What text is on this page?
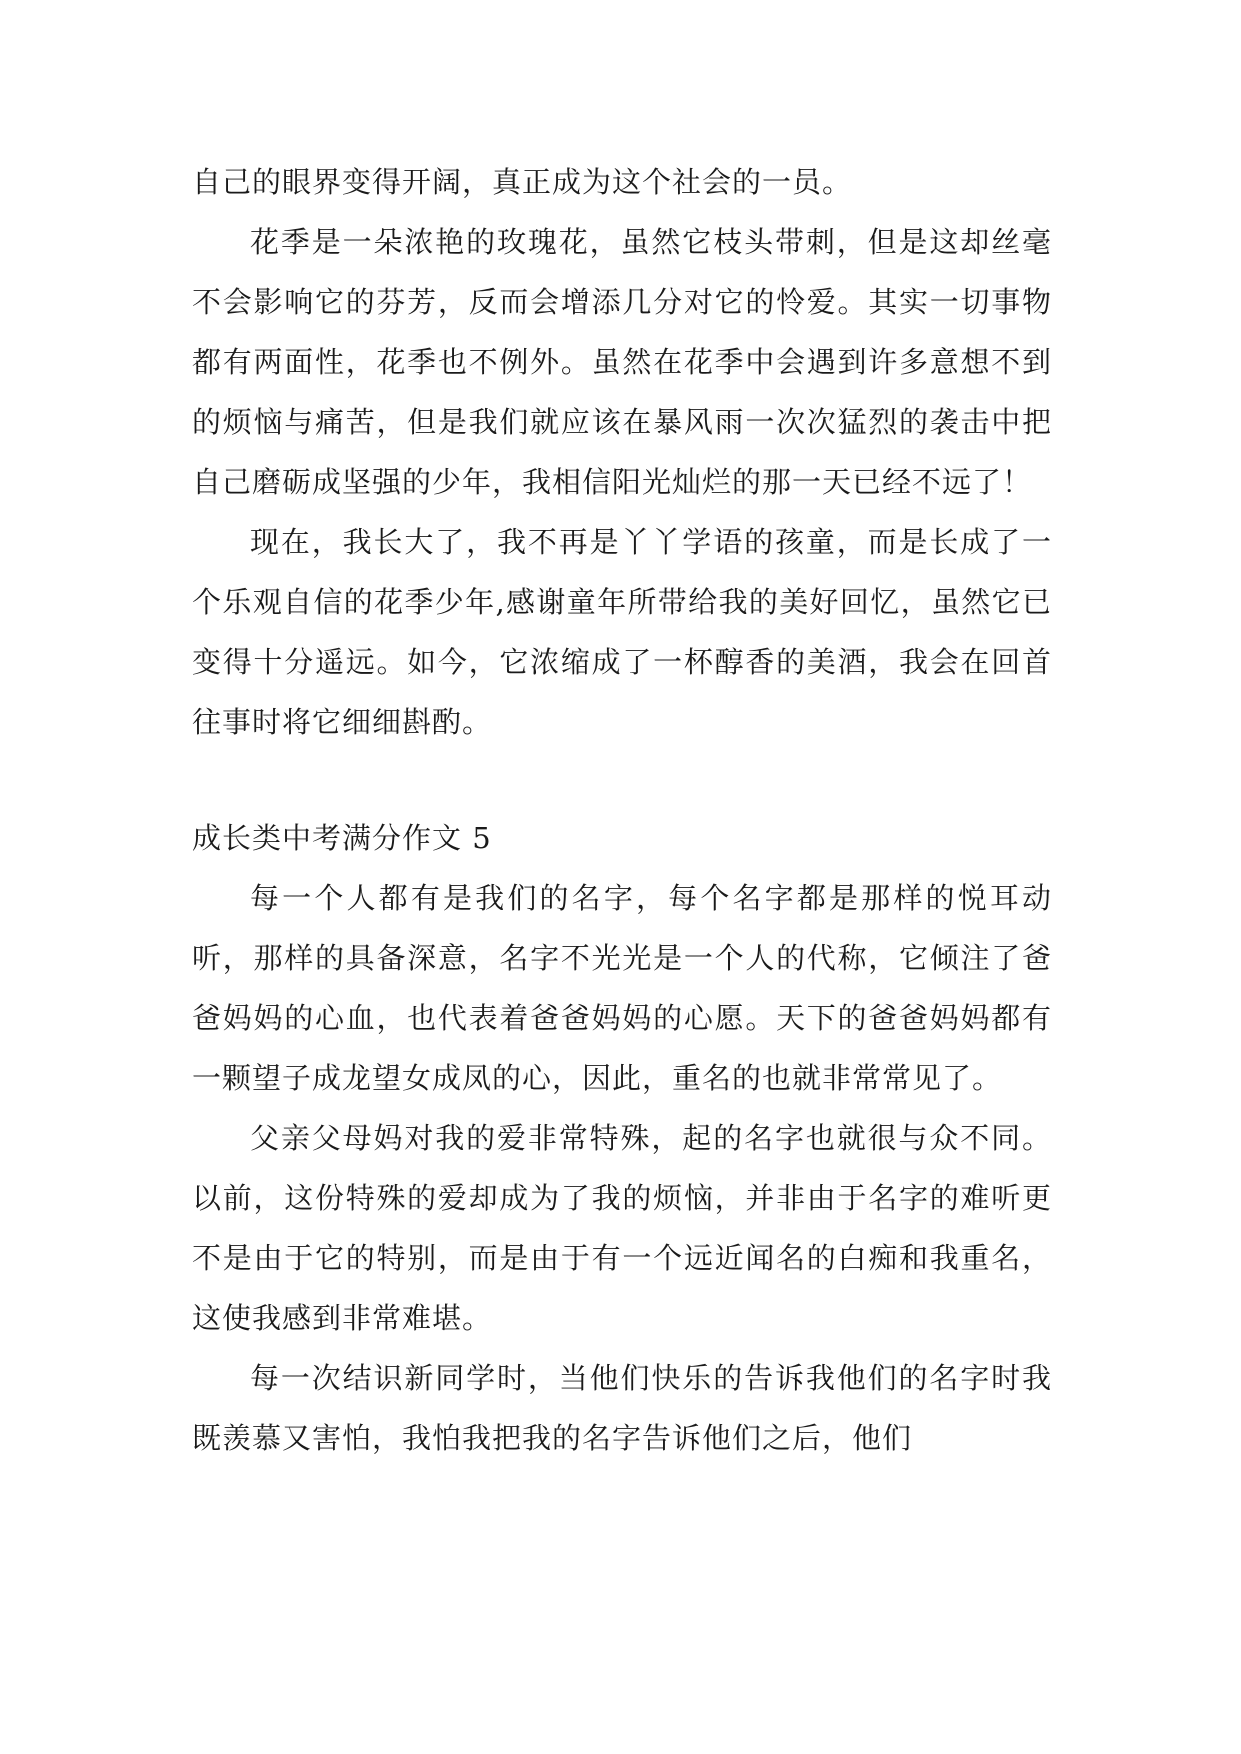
自己的眼界变得开阔，真正成为这个社会的一员。

花季是一朵浓艳的玫瑰花，虽然它枝头带刺，但是这却丝毫不会影响它的芬芳，反而会增添几分对它的怜爱。其实一切事物都有两面性，花季也不例外。虽然在花季中会遇到许多意想不到的烦恼与痛苦，但是我们就应该在暴风雨一次次猛烈的袭击中把自己磨砺成坚强的少年，我相信阳光灿烂的那一天已经不远了！

现在，我长大了，我不再是丫丫学语的孩童，而是长成了一个乐观自信的花季少年,感谢童年所带给我的美好回忆，虽然它已变得十分遥远。如今，它浓缩成了一杯醇香的美酒，我会在回首往事时将它细细斟酌。

成长类中考满分作文 5

每一个人都有是我们的名字，每个名字都是那样的悦耳动听，那样的具备深意，名字不光光是一个人的代称，它倾注了爸爸妈妈的心血，也代表着爸爸妈妈的心愿。天下的爸爸妈妈都有一颗望子成龙望女成凤的心，因此，重名的也就非常常见了。

父亲父母妈对我的爱非常特殊，起的名字也就很与众不同。以前，这份特殊的爱却成为了我的烦恼，并非由于名字的难听更不是由于它的特别，而是由于有一个远近闻名的白痴和我重名，这使我感到非常难堪。

每一次结识新同学时，当他们快乐的告诉我他们的名字时我既羡慕又害怕，我怕我把我的名字告诉他们之后，他们
